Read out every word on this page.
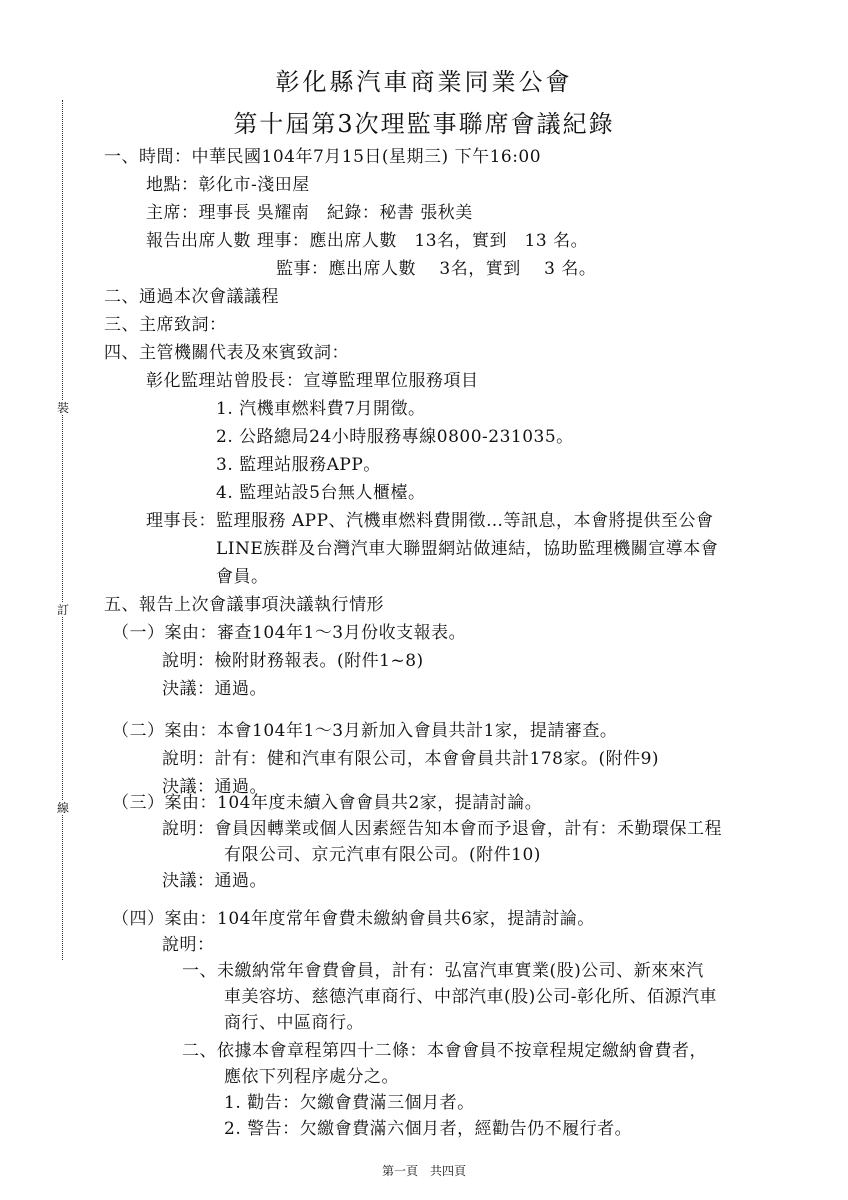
裝
訂
線
彰化縣汽車商業同業公會
第十屆第3次理監事聯席會議紀錄
一、時間：中華民國104年7月15日(星期三) 下午16:00
地點：彰化市-淺田屋
主席：理事長 吳耀南　紀錄：秘書 張秋美
報告出席人數 理事：應出席人數　13名，實到　13 名。
監事：應出席人數　 3名，實到　 3 名。
二、通過本次會議議程
三、主席致詞：
四、主管機關代表及來賓致詞：
彰化監理站曾股長：宣導監理單位服務項目
1. 汽機車燃料費7月開徵。
2. 公路總局24小時服務專線0800-231035。
3. 監理站服務APP。
4. 監理站設5台無人櫃檯。
理事長：監理服務 APP、汽機車燃料費開徵…等訊息，本會將提供至公會
LINE族群及台灣汽車大聯盟網站做連結，協助監理機關宣導本會
會員。
五、報告上次會議事項決議執行情形
（一）案由：審查104年1～3月份收支報表。
說明：檢附財務報表。(附件1~8)
決議：通過。
（二）案由：本會104年1～3月新加入會員共計1家，提請審查。
說明：計有：健和汽車有限公司，本會會員共計178家。(附件9)
決議：通過。
（三）案由：104年度未續入會會員共2家，提請討論。
說明：會員因轉業或個人因素經告知本會而予退會，計有：禾勤環保工程
有限公司、京元汽車有限公司。(附件10)
決議：通過。
（四）案由：104年度常年會費未繳納會員共6家，提請討論。
說明：
一、未繳納常年會費會員，計有：弘富汽車實業(股)公司、新來來汽
車美容坊、慈德汽車商行、中部汽車(股)公司-彰化所、佰源汽車
商行、中區商行。
二、依據本會章程第四十二條：本會會員不按章程規定繳納會費者，
應依下列程序處分之。
1. 勸告：欠繳會費滿三個月者。
2. 警告：欠繳會費滿六個月者，經勸告仍不履行者。
第一頁　共四頁
